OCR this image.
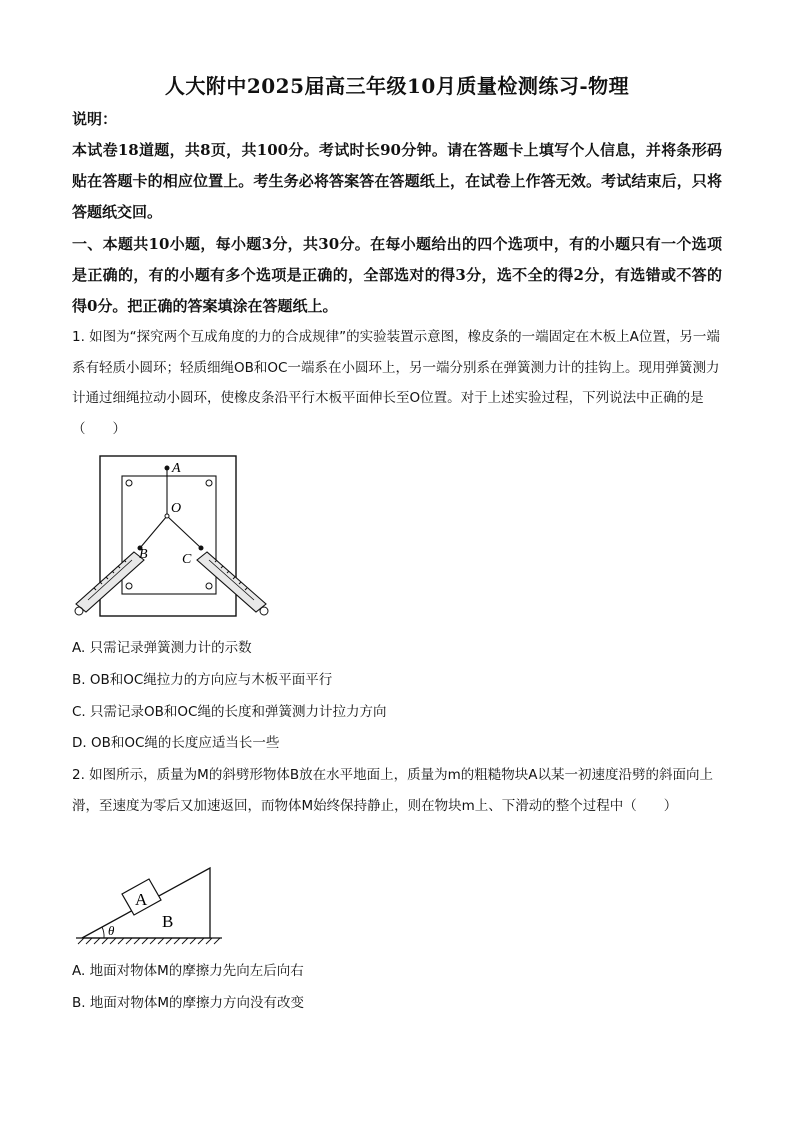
人大附中2025届高三年级10月质量检测练习-物理
说明：
本试卷18道题，共8页，共100分。考试时长90分钟。请在答题卡上填写个人信息，并将条形码贴在答题卡的相应位置上。考生务必将答案答在答题纸上，在试卷上作答无效。考试结束后，只将答题纸交回。
一、本题共10小题，每小题3分，共30分。在每小题给出的四个选项中，有的小题只有一个选项是正确的，有的小题有多个选项是正确的，全部选对的得3分，选不全的得2分，有选错或不答的得0分。把正确的答案填涂在答题纸上。
1. 如图为“探究两个互成角度的力的合成规律”的实验装置示意图，橡皮条的一端固定在木板上A位置，另一端系有轻质小圆环；轻质细绳OB和OC一端系在小圆环上，另一端分别系在弹簧测力计的挂钩上。现用弹簧测力计通过细绳拉动小圆环，使橡皮条沿平行木板平面伸长至O位置。对于上述实验过程，下列说法中正确的是（　　）
A
O
B C
A. 只需记录弹簧测力计的示数
B. OB和OC绳拉力的方向应与木板平面平行
C. 只需记录OB和OC绳的长度和弹簧测力计拉力方向
D. OB和OC绳的长度应适当长一些
2. 如图所示，质量为M的斜劈形物体B放在水平地面上，质量为m的粗糙物块A以某一初速度沿劈的斜面向上滑，至速度为零后又加速返回，而物体M始终保持静止，则在物块m上、下滑动的整个过程中（　　）
A
B
θ
A. 地面对物体M的摩擦力先向左后向右
B. 地面对物体M的摩擦力方向没有改变
